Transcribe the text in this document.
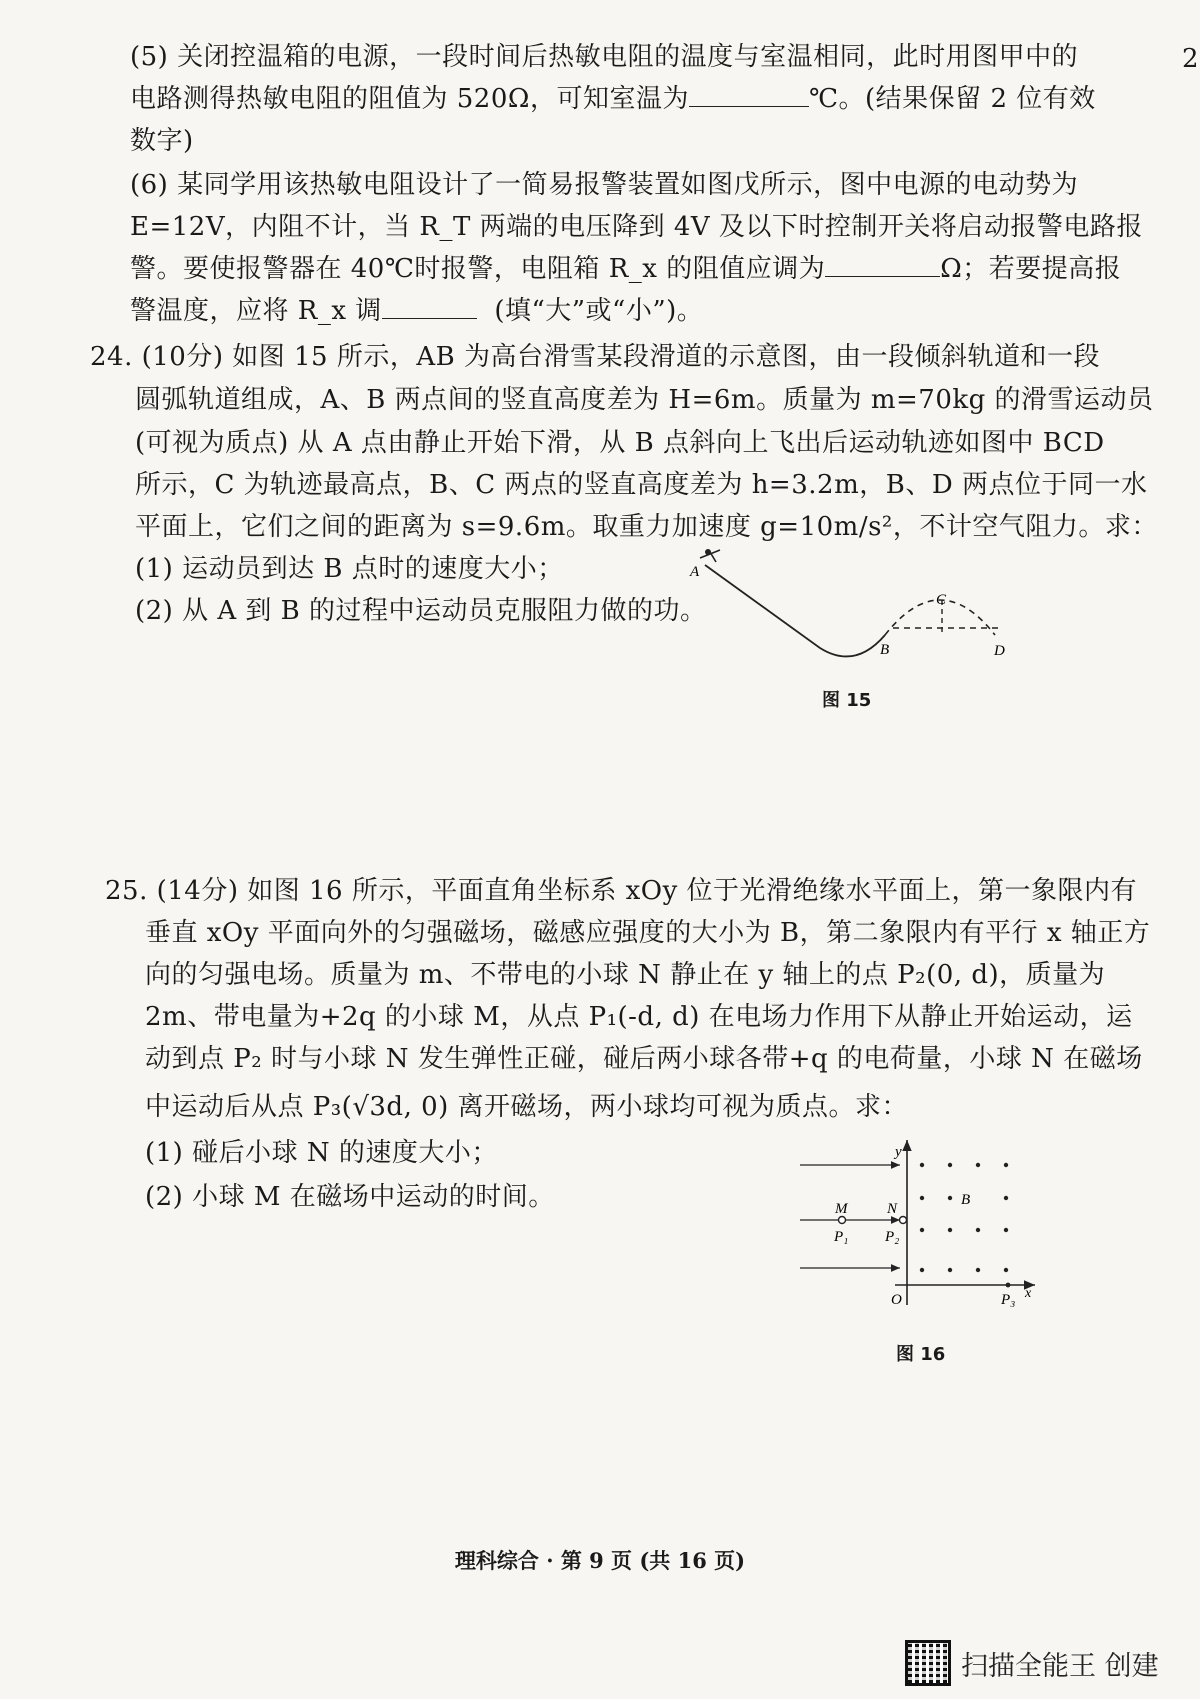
2
(5) 关闭控温箱的电源，一段时间后热敏电阻的温度与室温相同，此时用图甲中的
电路测得热敏电阻的阻值为 520Ω，可知室温为	℃。(结果保留 2 位有效
数字)
(6) 某同学用该热敏电阻设计了一简易报警装置如图戊所示，图中电源的电动势为
E=12V，内阻不计，当 R_T 两端的电压降到 4V 及以下时控制开关将启动报警电路报
警。要使报警器在 40℃时报警，电阻箱 R_x 的阻值应调为	Ω；若要提高报
警温度，应将 R_x 调	(填“大”或“小”)。
24. (10分) 如图 15 所示，AB 为高台滑雪某段滑道的示意图，由一段倾斜轨道和一段
圆弧轨道组成，A、B 两点间的竖直高度差为 H=6m。质量为 m=70kg 的滑雪运动员
(可视为质点) 从 A 点由静止开始下滑，从 B 点斜向上飞出后运动轨迹如图中 BCD
所示，C 为轨迹最高点，B、C 两点的竖直高度差为 h=3.2m，B、D 两点位于同一水
平面上，它们之间的距离为 s=9.6m。取重力加速度 g=10m/s²，不计空气阻力。求：
(1) 运动员到达 B 点时的速度大小；
(2) 从 A 到 B 的过程中运动员克服阻力做的功。
A
B
C
D
图 15
25. (14分) 如图 16 所示，平面直角坐标系 xOy 位于光滑绝缘水平面上，第一象限内有
垂直 xOy 平面向外的匀强磁场，磁感应强度的大小为 B，第二象限内有平行 x 轴正方
向的匀强电场。质量为 m、不带电的小球 N 静止在 y 轴上的点 P₂(0, d)，质量为
2m、带电量为+2q 的小球 M，从点 P₁(-d, d) 在电场力作用下从静止开始运动，运
动到点 P₂ 时与小球 N 发生弹性正碰，碰后两小球各带+q 的电荷量，小球 N 在磁场
中运动后从点 P₃(√3d, 0) 离开磁场，两小球均可视为质点。求：
(1) 碰后小球 N 的速度大小；
(2) 小球 M 在磁场中运动的时间。
y
x
O
B
M	N
P₁ P₂
P₃
图 16
理科综合 · 第 9 页 (共 16 页)
扫描全能王 创建
